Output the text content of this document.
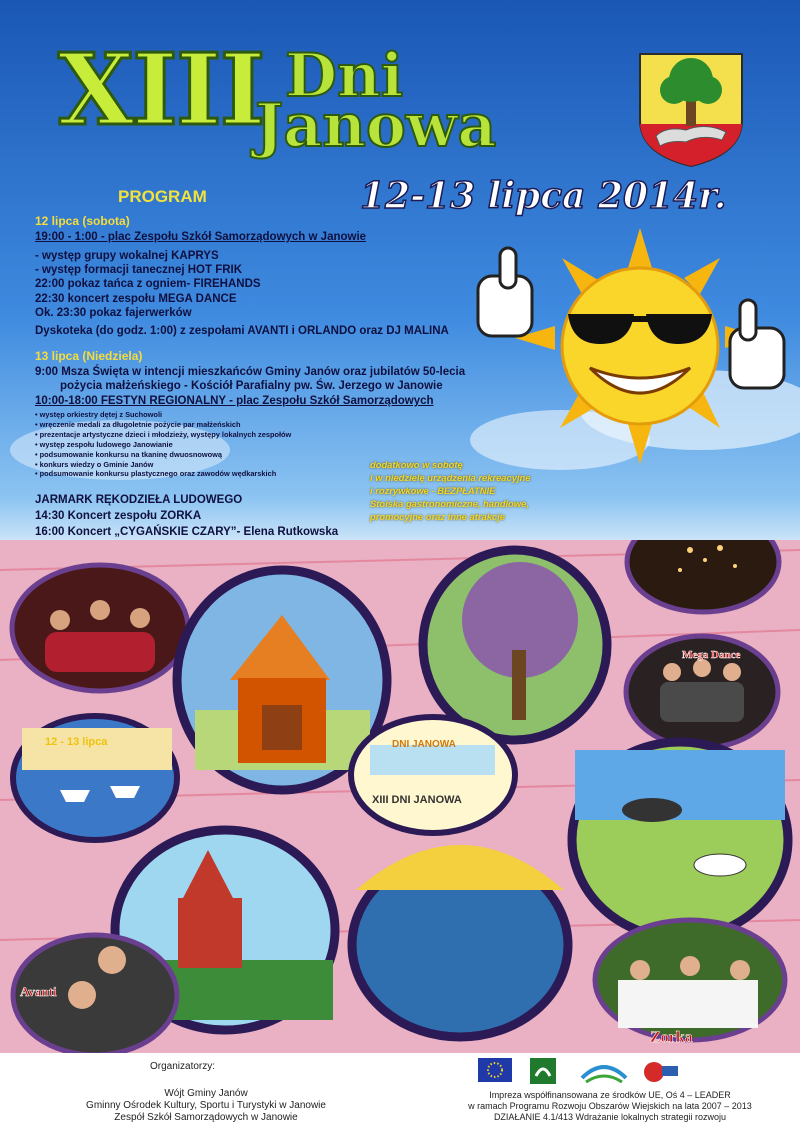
XIII Dni
Janowa
12-13 lipca 2014r.
PROGRAM
12 lipca (sobota)
19:00 - 1:00 - plac Zespołu Szkół Samorządowych w Janowie
- występ grupy wokalnej KAPRYS
- występ formacji tanecznej HOT FRIK
22:00 pokaz tańca z ogniem- FIREHANDS
22:30 koncert zespołu MEGA DANCE
Ok. 23:30 pokaz fajerwerków
Dyskoteka (do godz. 1:00) z zespołami AVANTI i ORLANDO oraz DJ MALINA
13 lipca (Niedziela)
9:00 Msza Święta w intencji mieszkańców Gminy Janów oraz jubilatów 50-lecia
pożycia małżeńskiego - Kościół Parafialny pw. Św. Jerzego w Janowie
10:00-18:00 FESTYN REGIONALNY - plac Zespołu Szkół Samorządowych
• występ orkiestry dętej z Suchowoli
• wręczenie medali za długoletnie pożycie par małżeńskich
• prezentacje artystyczne dzieci i młodzieży, występy lokalnych zespołów
• występ zespołu ludowego Janowianie
• podsumowanie konkursu na tkaninę dwuosnowową
• konkurs wiedzy o Gminie Janów
• podsumowanie konkursu plastycznego oraz zawodów wędkarskich
JARMARK RĘKODZIEŁA LUDOWEGO
14:30 Koncert zespołu ZORKA
16:00 Koncert „CYGAŃSKIE CZARY”- Elena Rutkowska
dodatkowo w sobotę
i w niedzielę urządzenia rekreacyjne
i rozrywkowe - BEZPŁATNIE
Stoiska gastronomiczne, handlowe,
promocyjne oraz inne atrakcje
12 - 13 lipca	DNI JANOWA
XIII DNI JANOWA
Mega Dance
Avanti
Zorka
Organizatorzy:
Wójt Gminy Janów
Gminny Ośrodek Kultury, Sportu i Turystyki w Janowie
Zespół Szkół Samorządowych w Janowie
Impreza współfinansowana ze środków UE, Oś 4 – LEADER
w ramach Programu Rozwoju Obszarów Wiejskich na lata 2007 – 2013
DZIAŁANIE 4.1/413 Wdrażanie lokalnych strategii rozwoju
